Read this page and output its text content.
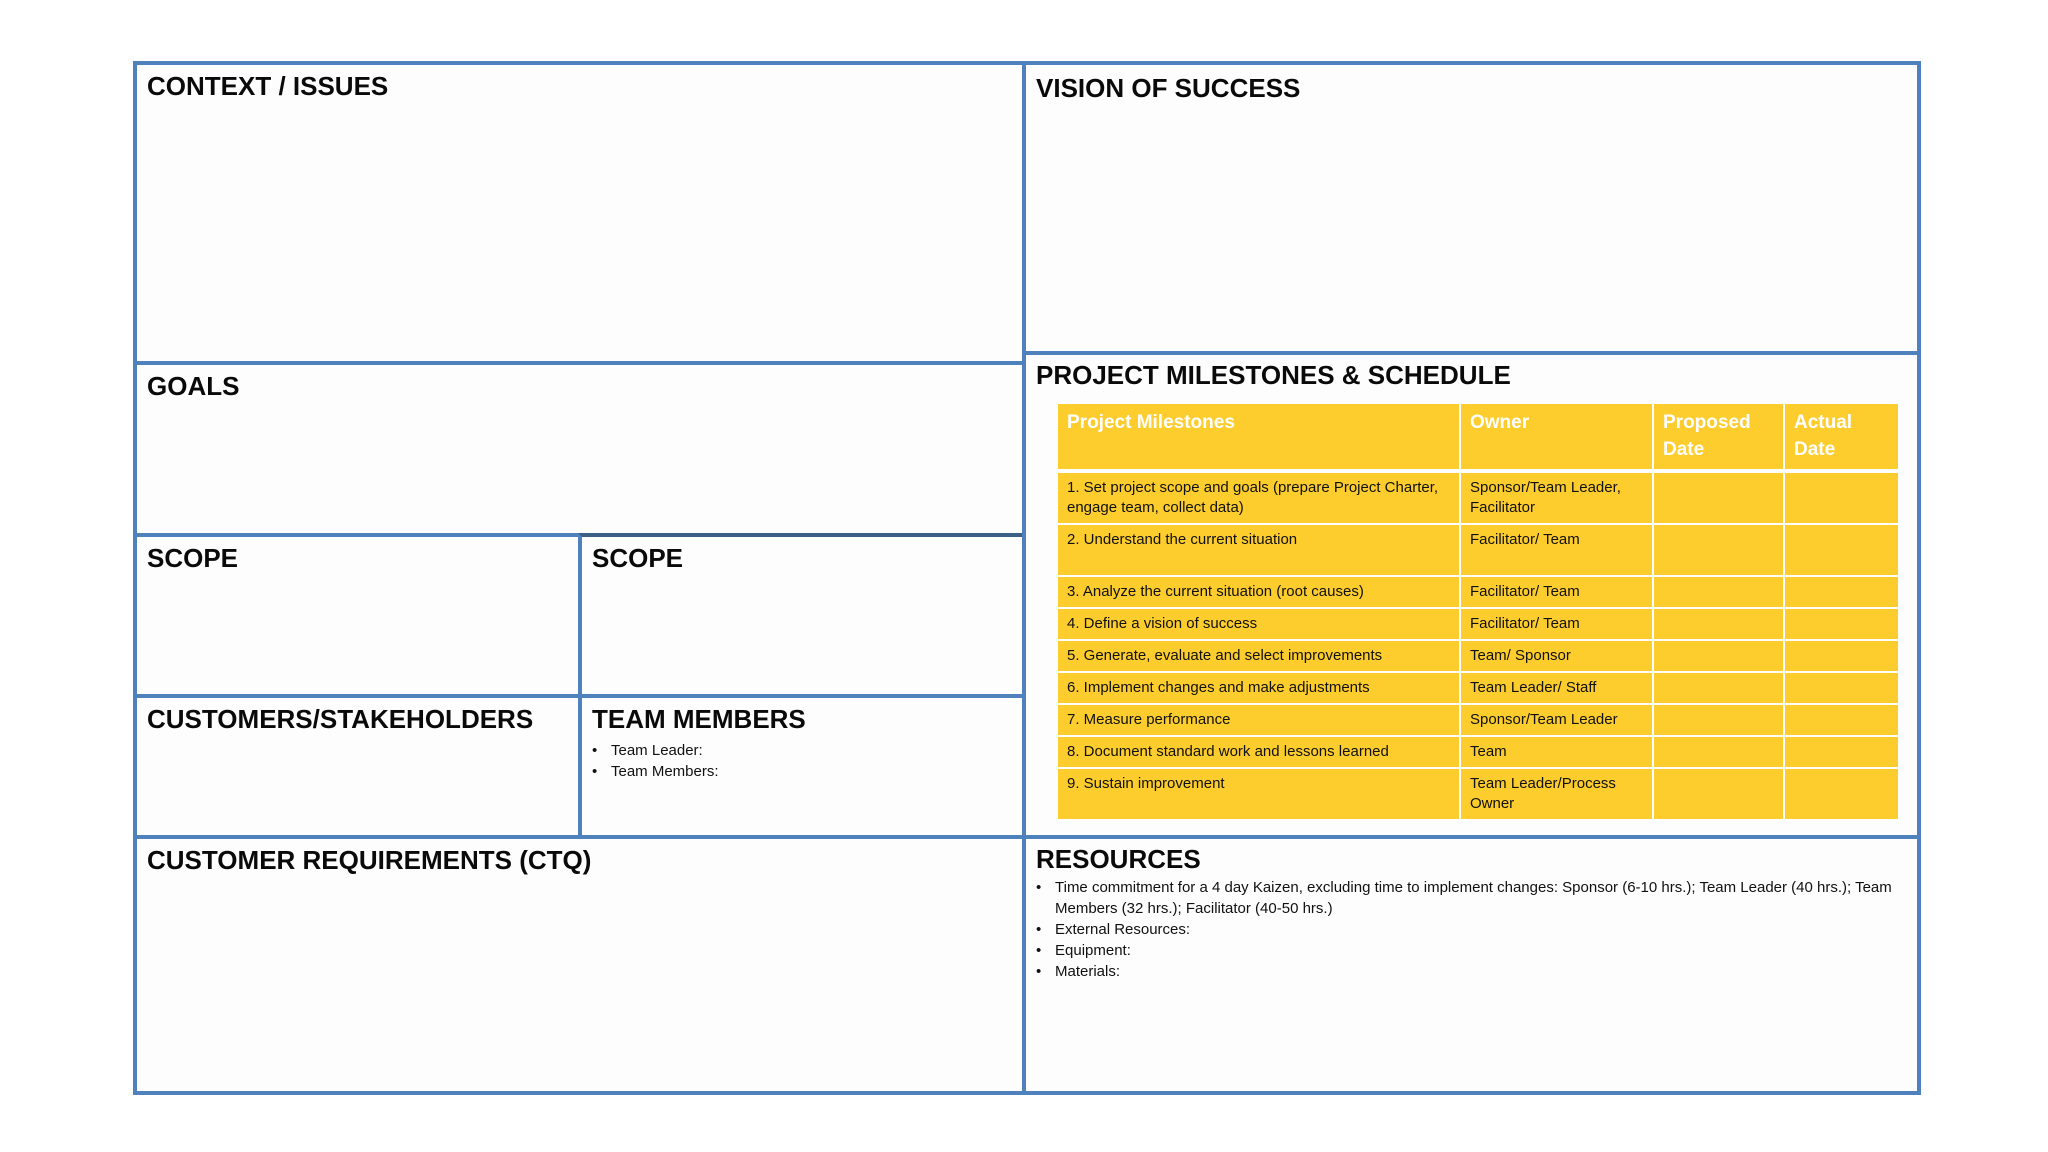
CONTEXT / ISSUES	VISION OF SUCCESS
GOALS
SCOPE	SCOPE
CUSTOMERS/STAKEHOLDERS TEAM MEMBERS
• Team Leader:
• Team Members:
CUSTOMER REQUIREMENTS (CTQ)
PROJECT MILESTONES & SCHEDULE
RESOURCES
• Time commitment for a 4 day Kaizen, excluding time to implement changes: Sponsor (6-10 hrs.); Team Leader (40 hrs.); Team Members (32 hrs.); Facilitator (40-50 hrs.)
• External Resources:
• Equipment:
• Materials:
Project Milestones	Owner	Proposed Date	Actual Date
1. Set project scope and goals (prepare Project Charter, engage team, collect data)	Sponsor/Team Leader, Facilitator		
2. Understand the current situation	Facilitator/ Team		
3. Analyze the current situation (root causes)	Facilitator/ Team		
4. Define a vision of success	Facilitator/ Team		
5. Generate, evaluate and select improvements	Team/ Sponsor		
6. Implement changes and make adjustments	Team Leader/ Staff		
7. Measure performance	Sponsor/Team Leader		
8. Document standard work and lessons learned	Team		
9. Sustain improvement	Team Leader/Process Owner		
